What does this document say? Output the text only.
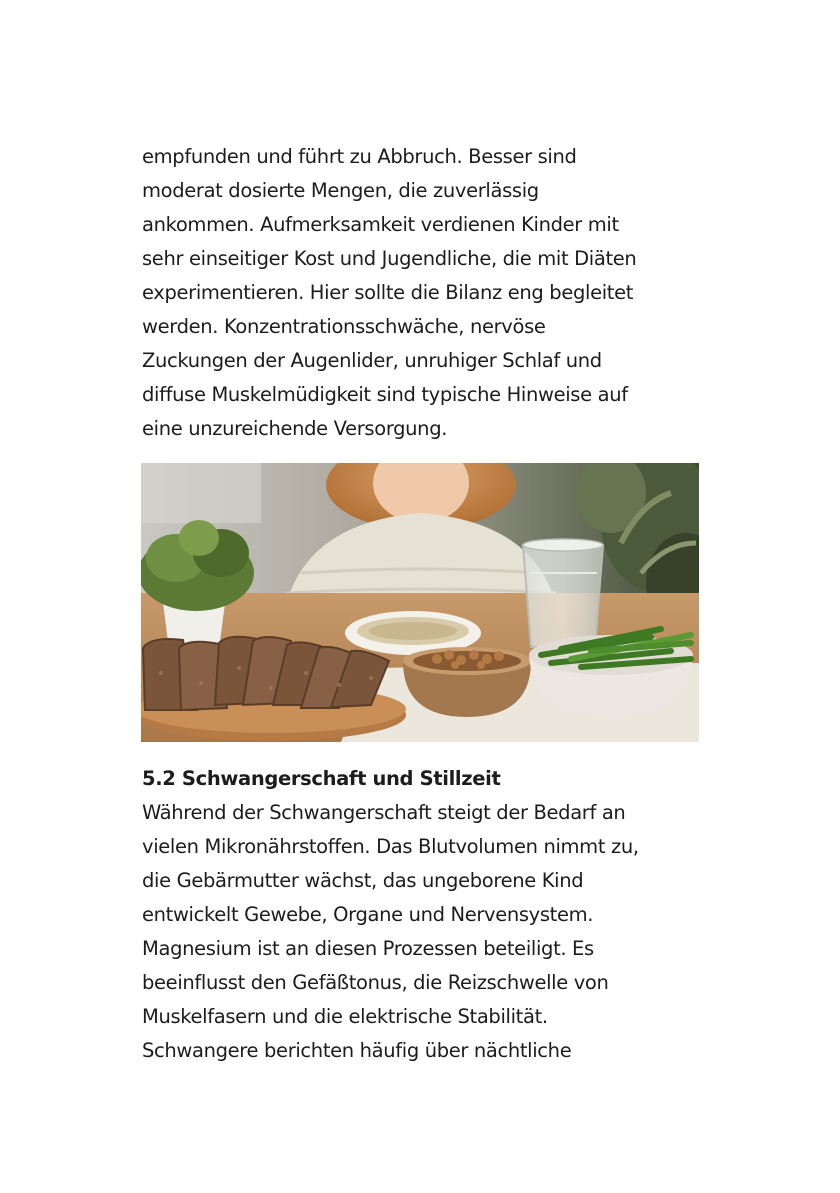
empfunden und führt zu Abbruch. Besser sind
moderat dosierte Mengen, die zuverlässig
ankommen. Aufmerksamkeit verdienen Kinder mit
sehr einseitiger Kost und Jugendliche, die mit Diäten
experimentieren. Hier sollte die Bilanz eng begleitet
werden. Konzentrationsschwäche, nervöse
Zuckungen der Augenlider, unruhiger Schlaf und
diffuse Muskelmüdigkeit sind typische Hinweise auf
eine unzureichende Versorgung.
5.2 Schwangerschaft und Stillzeit
Während der Schwangerschaft steigt der Bedarf an
vielen Mikronährstoffen. Das Blutvolumen nimmt zu,
die Gebärmutter wächst, das ungeborene Kind
entwickelt Gewebe, Organe und Nervensystem.
Magnesium ist an diesen Prozessen beteiligt. Es
beeinflusst den Gefäßtonus, die Reizschwelle von
Muskelfasern und die elektrische Stabilität.
Schwangere berichten häufig über nächtliche
